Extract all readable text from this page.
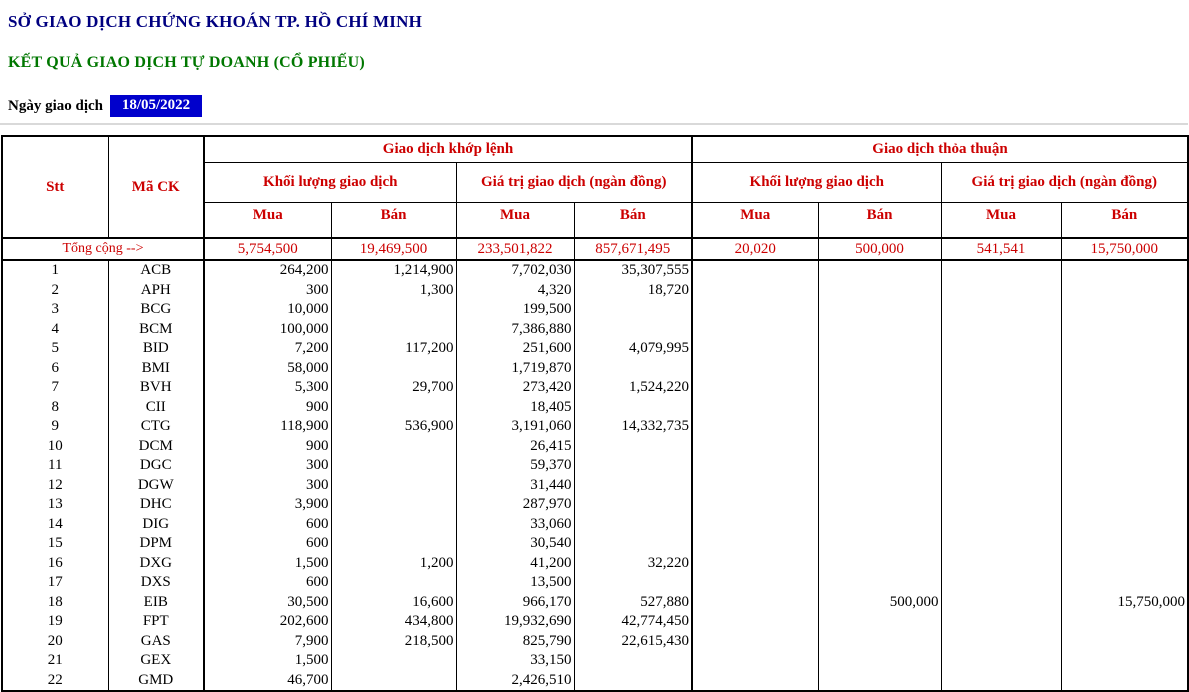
SỞ GIAO DỊCH CHỨNG KHOÁN TP. HỒ CHÍ MINH
KẾT QUẢ GIAO DỊCH TỰ DOANH (CỔ PHIẾU)
Ngày giao dịch	18/05/2022
Stt	Mã CK	Giao dịch khớp lệnh				Giao dịch thỏa thuận			
		Khối lượng giao dịch		Giá trị giao dịch (ngàn đồng)		Khối lượng giao dịch		Giá trị giao dịch (ngàn đồng)	
		Mua	Bán	Mua	Bán	Mua	Bán	Mua	Bán
Tổng cộng -->		5,754,500	19,469,500	233,501,822	857,671,495	20,020	500,000	541,541	15,750,000
1	ACB	264,200	1,214,900	7,702,030	35,307,555				
2	APH	300	1,300	4,320	18,720				
3	BCG	10,000		199,500					
4	BCM	100,000		7,386,880					
5	BID	7,200	117,200	251,600	4,079,995				
6	BMI	58,000		1,719,870					
7	BVH	5,300	29,700	273,420	1,524,220				
8	CII	900		18,405					
9	CTG	118,900	536,900	3,191,060	14,332,735				
10	DCM	900		26,415					
11	DGC	300		59,370					
12	DGW	300		31,440					
13	DHC	3,900		287,970					
14	DIG	600		33,060					
15	DPM	600		30,540					
16	DXG	1,500	1,200	41,200	32,220				
17	DXS	600		13,500					
18	EIB	30,500	16,600	966,170	527,880		500,000		15,750,000
19	FPT	202,600	434,800	19,932,690	42,774,450				
20	GAS	7,900	218,500	825,790	22,615,430				
21	GEX	1,500		33,150					
22	GMD	46,700		2,426,510					
